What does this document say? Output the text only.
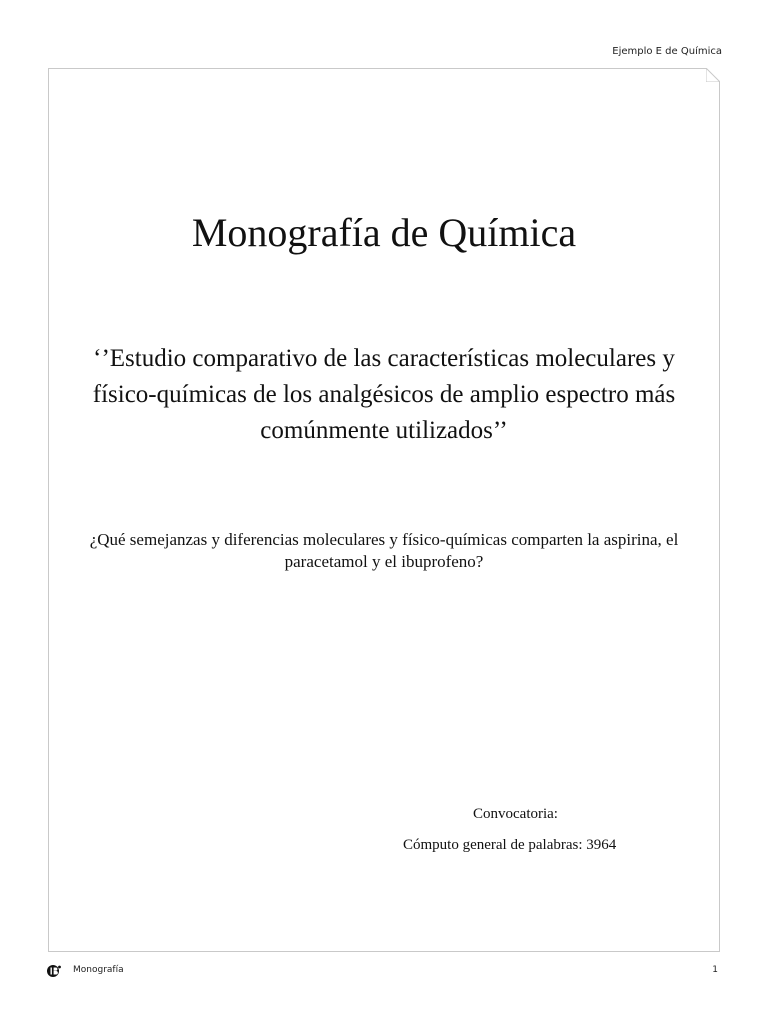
Ejemplo E de Química

Monografía de Química

‘’Estudio comparativo de las características moleculares y físico-químicas de los analgésicos de amplio espectro más comúnmente utilizados’’

¿Qué semejanzas y diferencias moleculares y físico-químicas comparten la aspirina, el paracetamol y el ibuprofeno?

Convocatoria:

Cómputo general de palabras: 3964

Monografía	1
